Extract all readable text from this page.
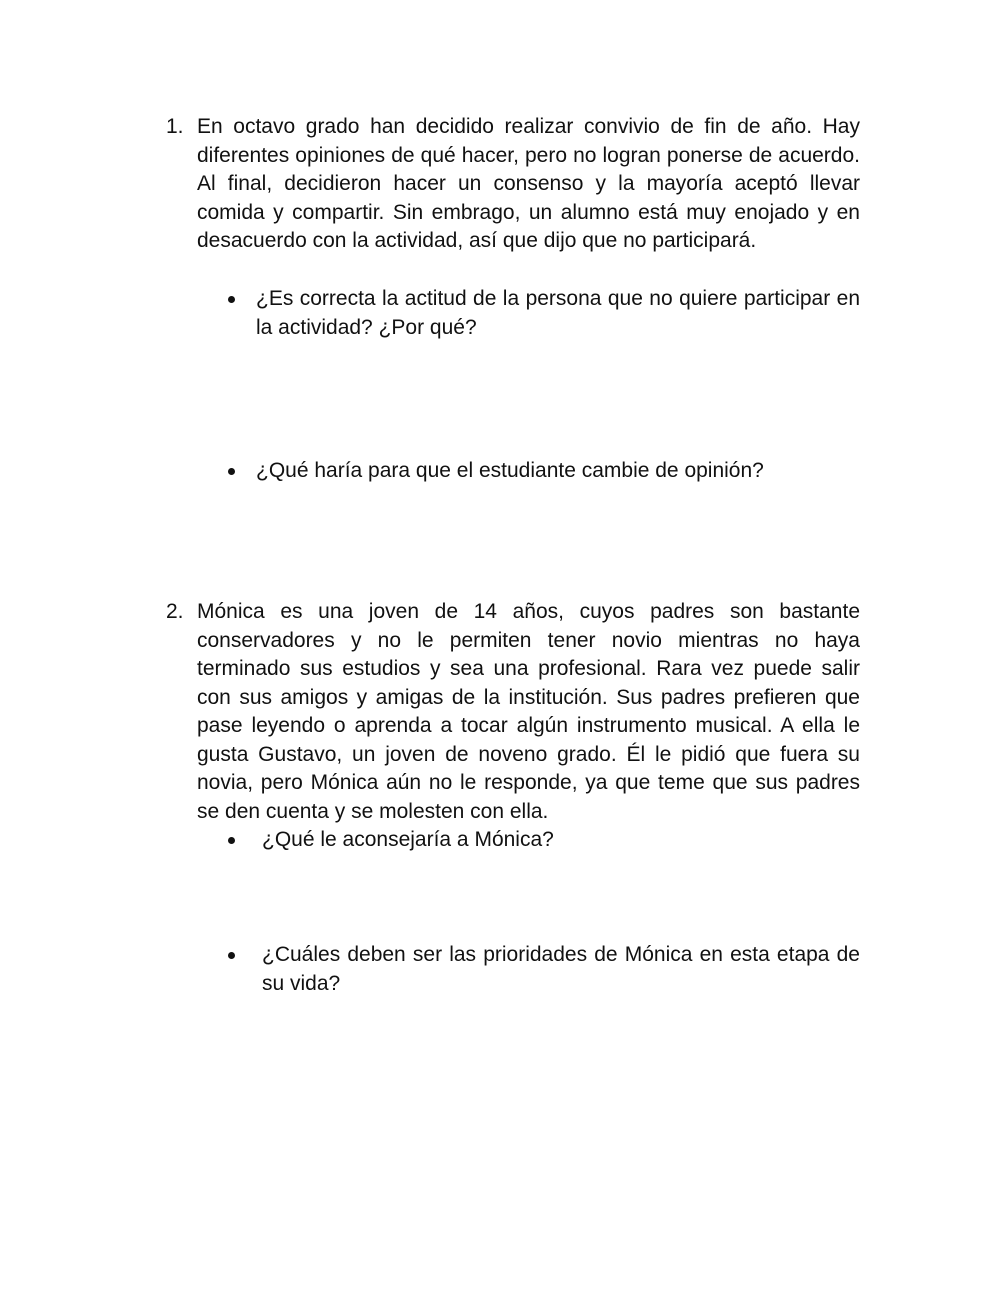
1. En octavo grado han decidido realizar convivio de fin de año. Hay diferentes opiniones de qué hacer, pero no logran ponerse de acuerdo. Al final, decidieron hacer un consenso y la mayoría aceptó llevar comida y compartir. Sin embrago, un alumno está muy enojado y en desacuerdo con la actividad, así que dijo que no participará.
¿Es correcta la actitud de la persona que no quiere participar en la actividad? ¿Por qué?
¿Qué haría para que el estudiante cambie de opinión?
2. Mónica es una joven de 14 años, cuyos padres son bastante conservadores y no le permiten tener novio mientras no haya terminado sus estudios y sea una profesional. Rara vez puede salir con sus amigos y amigas de la institución. Sus padres prefieren que pase leyendo o aprenda a tocar algún instrumento musical. A ella le gusta Gustavo, un joven de noveno grado. Él le pidió que fuera su novia, pero Mónica aún no le responde, ya que teme que sus padres se den cuenta y se molesten con ella.
¿Qué le aconsejaría a Mónica?
¿Cuáles deben ser las prioridades de Mónica en esta etapa de su vida?
